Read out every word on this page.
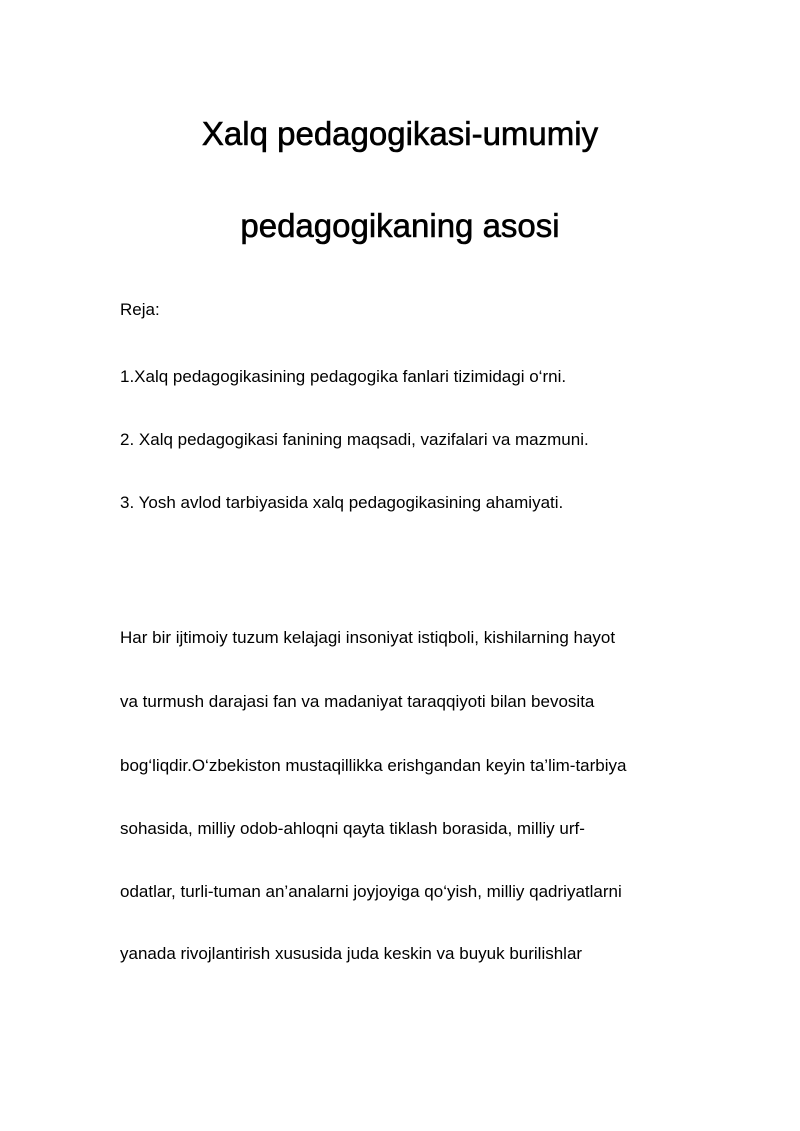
Xalq pedagogikasi-umumiy
pedagogikaning asosi

Reja:

1.Xalq pedagogikasining pedagogika fanlari tizimidagi o‘rni.

2. Xalq pedagogikasi fanining maqsadi, vazifalari va mazmuni.

3. Yosh avlod tarbiyasida xalq pedagogikasining ahamiyati.

Har bir ijtimoiy tuzum kelajagi insoniyat istiqboli, kishilarning hayot

va turmush darajasi fan va madaniyat taraqqiyoti bilan bevosita

bog‘liqdir.O‘zbekiston mustaqillikka erishgandan keyin ta’lim-tarbiya

sohasida, milliy odob-ahloqni qayta tiklash borasida, milliy urf-

odatlar, turli-tuman an’analarni joyjoyiga qo‘yish, milliy qadriyatlarni

yanada rivojlantirish xususida juda keskin va buyuk burilishlar
